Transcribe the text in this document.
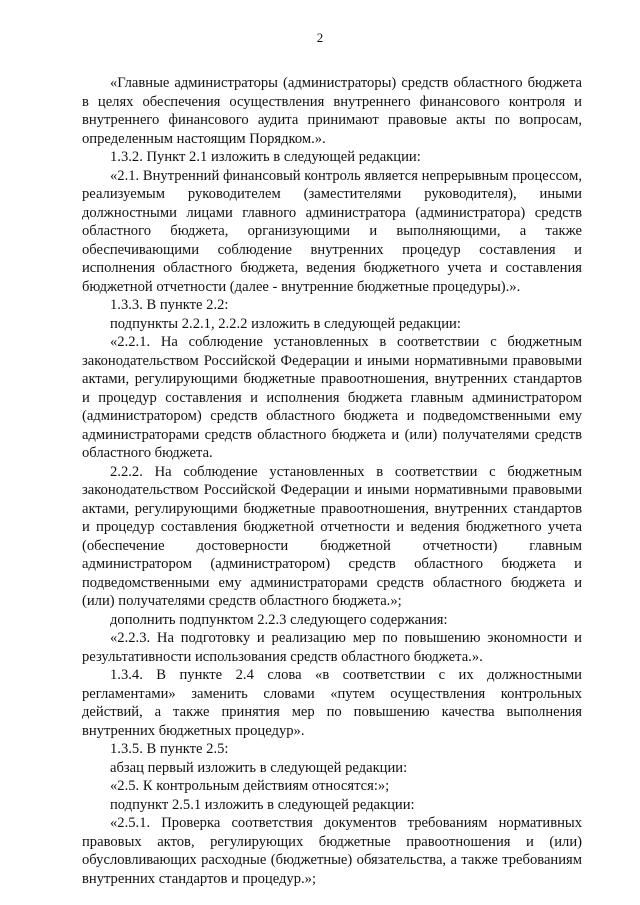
2

«Главные администраторы (администраторы) средств областного бюджета в целях обеспечения осуществления внутреннего финансового контроля и внутреннего финансового аудита принимают правовые акты по вопросам, определенным настоящим Порядком.».

1.3.2. Пункт 2.1 изложить в следующей редакции:

«2.1. Внутренний финансовый контроль является непрерывным процессом, реализуемым руководителем (заместителями руководителя), иными должностными лицами главного администратора (администратора) средств областного бюджета, организующими и выполняющими, а также обеспечивающими соблюдение внутренних процедур составления и исполнения областного бюджета, ведения бюджетного учета и составления бюджетной отчетности (далее - внутренние бюджетные процедуры).».

1.3.3. В пункте 2.2:

подпункты 2.2.1, 2.2.2 изложить в следующей редакции:

«2.2.1. На соблюдение установленных в соответствии с бюджетным законодательством Российской Федерации и иными нормативными правовыми актами, регулирующими бюджетные правоотношения, внутренних стандартов и процедур составления и исполнения бюджета главным администратором (администратором) средств областного бюджета и подведомственными ему администраторами средств областного бюджета и (или) получателями средств областного бюджета.

2.2.2. На соблюдение установленных в соответствии с бюджетным законодательством Российской Федерации и иными нормативными правовыми актами, регулирующими бюджетные правоотношения, внутренних стандартов и процедур составления бюджетной отчетности и ведения бюджетного учета (обеспечение достоверности бюджетной отчетности) главным администратором (администратором) средств областного бюджета и подведомственными ему администраторами средств областного бюджета и (или) получателями средств областного бюджета.»;

дополнить подпунктом 2.2.3 следующего содержания:

«2.2.3. На подготовку и реализацию мер по повышению экономности и результативности использования средств областного бюджета.».

1.3.4. В пункте 2.4 слова «в соответствии с их должностными регламентами» заменить словами «путем осуществления контрольных действий, а также принятия мер по повышению качества выполнения внутренних бюджетных процедур».

1.3.5. В пункте 2.5:

абзац первый изложить в следующей редакции:

«2.5. К контрольным действиям относятся:»;

подпункт 2.5.1 изложить в следующей редакции:

«2.5.1. Проверка соответствия документов требованиям нормативных правовых актов, регулирующих бюджетные правоотношения и (или) обусловливающих расходные (бюджетные) обязательства, а также требованиям внутренних стандартов и процедур.»;
